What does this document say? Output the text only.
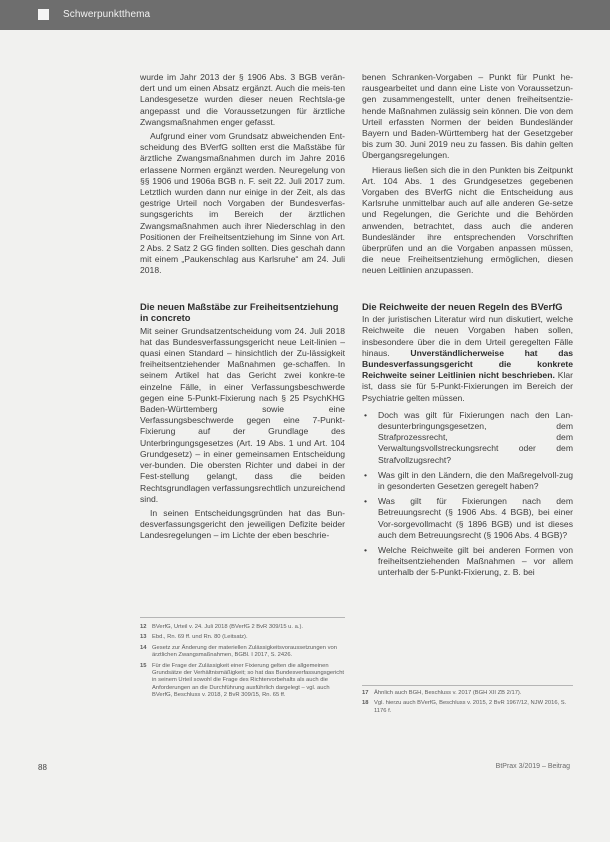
Schwerpunktthema

wurde im Jahr 2013 der § 1906 Abs. 3 BGB verän-dert und um einen Absatz ergänzt. Auch die meis-ten Landesgesetze wurden dieser neuen Rechtsla-ge angepasst und die Voraussetzungen für ärztliche Zwangsmaßnahmen enger gefasst.

Aufgrund einer vom Grundsatz abweichenden Ent-scheidung des BVerfG sollten erst die Maßstäbe für ärztliche Zwangsmaßnahmen durch im Jahre 2016 erlassene Normen ergänzt werden. Neuregelung von §§ 1906 und 1906a BGB n. F. seit 22. Juli 2017 zum. Letztlich wurden dann nur einige in der Zeit, als das gestrige Urteil noch Vorgaben der Bundesverfas-sungsgerichts im Bereich der ärztlichen Zwangsmaßnahmen auch ihrer Niederschlag in den Positionen der Freiheitsentziehung im Sinne von Art. 2 Abs. 2 Satz 2 GG finden sollten. Dies geschah dann mit einem „Paukenschlag aus Karlsruhe“ am 24. Juli 2018.

Die neuen Maßstäbe zur Freiheitsentziehung in concreto

Mit seiner Grundsatzentscheidung vom 24. Juli 2018 hat das Bundesverfassungsgericht neue Leit-linien – quasi einen Standard – hinsichtlich der Zu-lässigkeit freiheitsentziehender Maßnahmen ge-schaffen. In seinem Artikel hat das Gericht zwei konkre-te einzelne Fälle, in einer Verfassungsbeschwerde gegen eine 5-Punkt-Fixierung nach § 25 PsychKHG Baden-Württemberg sowie eine Verfassungsbeschwerde gegen eine 7-Punkt-Fixierung auf der Grundlage des Unterbringungsgesetzes (Art. 19 Abs. 1 und Art. 104 Grundgesetz) – in einer gemeinsamen Entscheidung ver-bunden. Die obersten Richter und dabei in der Fest-stellung gelangt, dass die beiden Rechtsgrundlagen verfassungsrechtlich unzureichend sind.

In seinen Entscheidungsgründen hat das Bun-desverfassungsgericht den jeweiligen Defizite beider Landesregelungen – im Lichte der eben beschrie-

benen Schranken-Vorgaben – Punkt für Punkt he-rausgearbeitet und dann eine Liste von Voraussetzun-gen zusammengestellt, unter denen freiheitsentzie-hende Maßnahmen zulässig sein können. Die von dem Urteil erfassten Normen der beiden Bundesländer Bayern und Baden-Württemberg hat der Gesetzgeber bis zum 30. Juni 2019 neu zu fassen. Bis dahin gelten Übergangsregelungen.

Hieraus ließen sich die in den Punkten bis Zeitpunkt Art. 104 Abs. 1 des Grundgesetzes gegebenen Vorgaben des BVerfG nicht die Entscheidung aus Karlsruhe unmittelbar auch auf alle anderen Ge-setze und Regelungen, die Gerichte und die Behörden anwenden, betrachtet, dass auch die anderen Bundesländer ihre entsprechenden Vorschriften überprüfen und an die Vorgaben anpassen müssen, die neue Freiheitsentziehung ermöglichen, diesen neuen Leitlinien anzupassen.

Die Reichweite der neuen Regeln des BVerfG

In der juristischen Literatur wird nun diskutiert, welche Reichweite die neuen Vorgaben haben sollen, insbesondere über die in dem Urteil geregelten Fälle hinaus. Unverständlicherweise hat das Bundesverfassungsgericht die konkrete Reichweite seiner Leitlinien nicht beschrieben. Klar ist, dass sie für 5-Punkt-Fixierungen im Bereich der Psychiatrie gelten müssen.

• Doch was gilt für Fixierungen nach den Lan-desunterbringungsgesetzen, dem Strafprozessrecht, dem Verwaltungsvollstreckungsrecht oder dem Strafvollzugsrecht?
• Was gilt in den Ländern, die den Maßregelvoll-zug in gesonderten Gesetzen geregelt haben?
• Was gilt für Fixierungen nach dem Betreuungsrecht (§ 1906 Abs. 4 BGB), bei einer Vor-sorgevollmacht (§ 1896 BGB) und ist dieses auch dem Betreuungsrecht (§ 1906 Abs. 4 BGB)?
• Welche Reichweite gilt bei anderen Formen von freiheitsentziehenden Maßnahmen – vor allem unterhalb der 5-Punkt-Fixierung, z. B. bei
12 BVerfG, Urteil v. 24. Juli 2018 (BVerfG 2 BvR 309/15 u. a.).
13 Ebd., Rn. 69 ff. und Rn. 80 (Leitsatz).
14 Gesetz zur Änderung der materiellen Zulässigkeitsvoraussetzungen von ärztlichen Zwangsmaßnahmen, BGBl. I 2017, S. 2426.
15 Für die Frage der Zulässigkeit einer Fixierung gelten die allgemeinen Grundsätze der Verhältnismäßigkeit; so hat das Bundesverfassungsgericht in seinem Urteil sowohl die Frage des Richtervorbehalts als auch die Anforderungen an die Durchführung ausführlich dargelegt – vgl. auch BVerfG, Beschluss v. 2018, 2 BvR 309/15, Rn. 65 ff.	17 Ähnlich auch BGH, Beschluss v. 2017 (BGH XII ZB 2/17).
18 Vgl. hierzu auch BVerfG, Beschluss v. 2015, 2 BvR 1967/12, NJW 2016, S. 1176 f.
88	BtPrax 3/2019 – Beitrag
